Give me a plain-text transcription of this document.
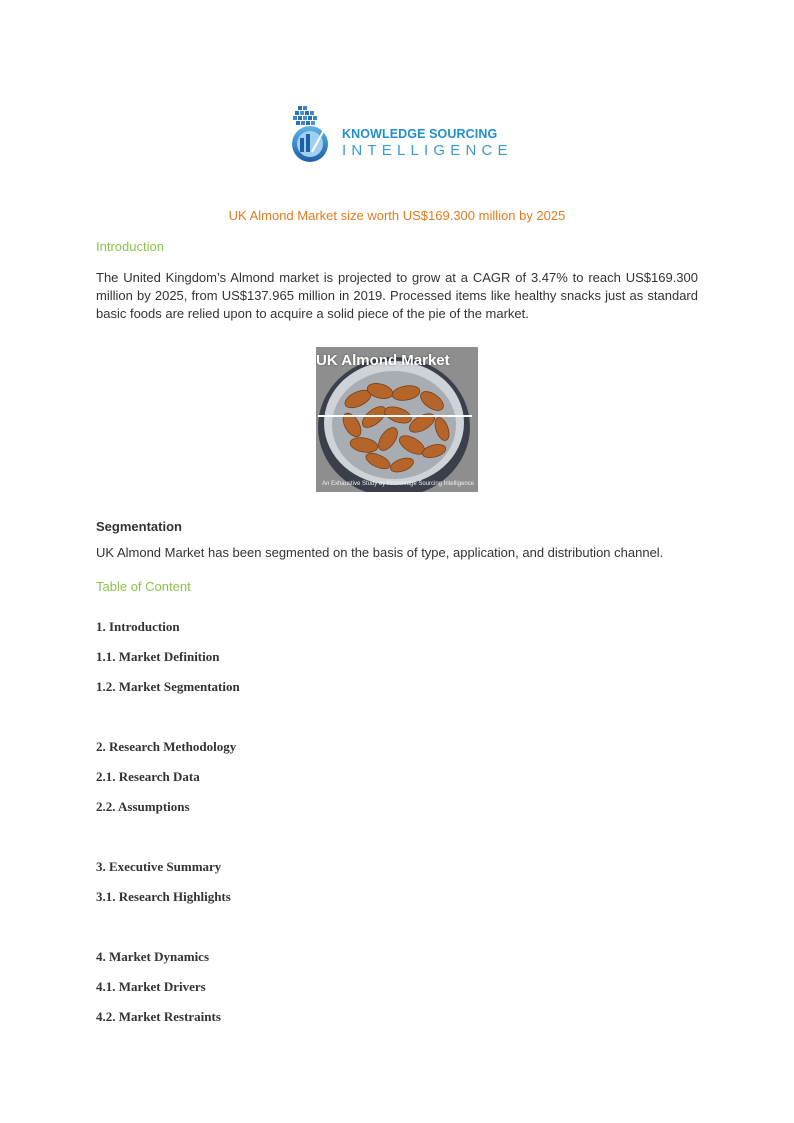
KNOWLEDGE SOURCING
INTELLIGENCE
UK Almond Market size worth US$169.300 million by 2025
Introduction
The United Kingdom’s Almond market is projected to grow at a CAGR of 3.47% to reach US$169.300 million by 2025, from US$137.965 million in 2019. Processed items like healthy snacks just as standard basic foods are relied upon to acquire a solid piece of the pie of the market.
UK Almond Market
An Exhaustive Study by Knowledge Sourcing Intelligence
Segmentation
UK Almond Market has been segmented on the basis of type, application, and distribution channel.
Table of Content
1. Introduction
1.1. Market Definition
1.2. Market Segmentation
2. Research Methodology
2.1. Research Data
2.2. Assumptions
3. Executive Summary
3.1. Research Highlights
4. Market Dynamics
4.1. Market Drivers
4.2. Market Restraints
